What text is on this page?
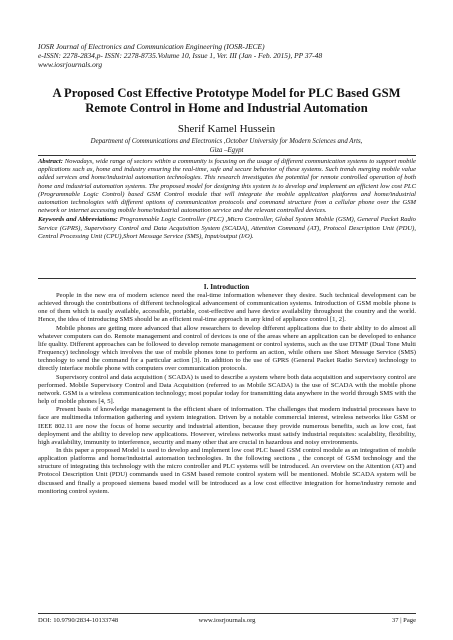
IOSR Journal of Electronics and Communication Engineering (IOSR-JECE)
e-ISSN: 2278-2834,p- ISSN: 2278-8735.Volume 10, Issue 1, Ver. III (Jan - Feb. 2015), PP 37-48
www.iosrjournals.org
A Proposed Cost Effective Prototype Model for PLC Based GSM Remote Control in Home and Industrial Automation
Sherif Kamel Hussein
Department of Communications and Electronics ,October University for Modern Sciences and Arts,
Giza –Egypt

Abstract: Nowadays, wide range of sectors within a community is focusing on the usage of different communication systems to support mobile applications such as, home and industry ensuring the real-time, safe and secure behavior of these systems. Such trends merging mobile value added services and home/industrial automation technologies. This research investigates the potential for remote controlled operation of both home and industrial automation systems. The proposed model for designing this system is to develop and implement an efficient low cost PLC (Programmable Logic Control) based GSM Control module that will integrate the mobile application platforms and home/industrial automation technologies with different options of communication protocols and command structure from a cellular phone over the GSM network or internet accessing mobile home/industrial automation service and the relevant controlled devices.

Keywords and Abbreviations: Programmable Logic Controller (PLC) ,Micro Controller, Global System Mobile (GSM), General Packet Radio Service (GPRS), Supervisory Control and Data Acquisition System (SCADA), Attention Command (AT), Protocol Description Unit (PDU), Central Processing Unit (CPU),Short Message Service (SMS), Input/output (I/O).

I. Introduction

People in the new era of modern science need the real-time information whenever they desire. Such technical development can be achieved through the contributions of different technological advancement of communication systems. Introduction of GSM mobile phone is one of them which is easily available, accessible, portable, cost-effective and have device availability throughout the country and the world. Hence, the idea of introducing SMS should be an efficient real-time approach in any kind of appliance control [1, 2].

Mobile phones are getting more advanced that allow researchers to develop different applications due to their ability to do almost all whatever computers can do. Remote management and control of devices is one of the areas where an application can be developed to enhance life quality. Different approaches can be followed to develop remote management or control systems, such as the use DTMF (Dual Tone Multi Frequency) technology which involves the use of mobile phones tone to perform an action, while others use Short Message Service (SMS) technology to send the command for a particular action [3]. In addition to the use of GPRS (General Packet Radio Service) technology to directly interface mobile phone with computers over communication protocols.

Supervisory control and data acquisition ( SCADA) is used to describe a system where both data acquisition and supervisory control are performed. Mobile Supervisory Control and Data Acquisition (referred to as Mobile SCADA) is the use of SCADA with the mobile phone network. GSM is a wireless communication technology; most popular today for transmitting data anywhere in the world through SMS with the help of mobile phones [4, 5].

Present basis of knowledge management is the efficient share of information. The challenges that modern industrial processes have to face are multimedia information gathering and system integration. Driven by a notable commercial interest, wireless networks like GSM or IEEE 802.11 are now the focus of home security and industrial attention, because they provide numerous benefits, such as low cost, fast deployment and the ability to develop new applications. However, wireless networks must satisfy industrial requisites: scalability, flexibility, high availability, immunity to interference, security and many other that are crucial in hazardous and noisy environments.

In this paper a proposed Model is used to develop and implement low cost PLC based GSM control module as an integration of mobile application platforms and home/industrial automation technologies. In the following sections , the concept of GSM technology and the structure of integrating this technology with the micro controller and PLC systems will be introduced. An overview on the Attention (AT) and Protocol Description Unit (PDU) commands used in GSM based remote control system will be mentioned. Mobile SCADA system will be discussed and finally a proposed siemens based model will be introduced as a low cost effective integration for home/industry remote and monitoring control system.

DOI: 10.9790/2834-10133748	www.iosrjournals.org	37 | Page
